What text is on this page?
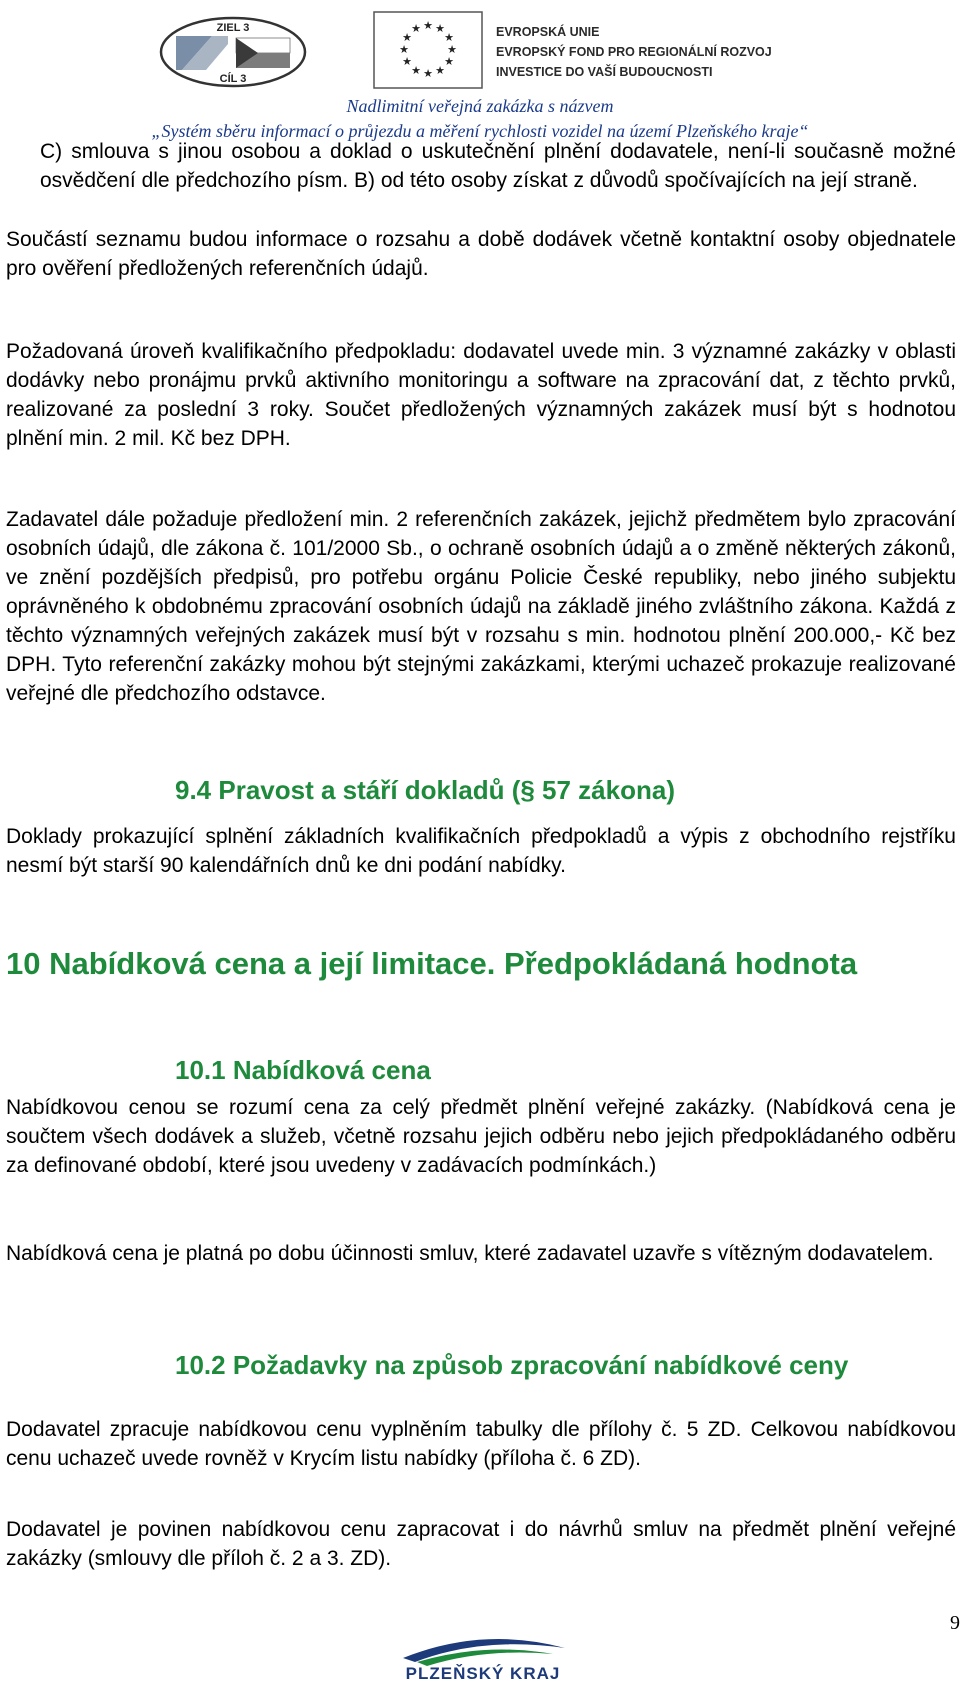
ZIEL 3
CÍL 3
★ ★
★
★
★
★
★
★
★
★
★
★	EVROPSKÁ UNIE
EVROPSKÝ FOND PRO REGIONÁLNÍ ROZVOJ
INVESTICE DO VAŠÍ BUDOUCNOSTI
Nadlimitní veřejná zakázka s názvem
„Systém sběru informací o průjezdu a měření rychlosti vozidel na území Plzeňského kraje“

C) smlouva s jinou osobou a doklad o uskutečnění plnění dodavatele, není-li současně možné osvědčení dle předchozího písm. B) od této osoby získat z důvodů spočívajících na její straně.

Součástí seznamu budou informace o rozsahu a době dodávek včetně kontaktní osoby objednatele pro ověření předložených referenčních údajů.

Požadovaná úroveň kvalifikačního předpokladu: dodavatel uvede min. 3 významné zakázky v oblasti dodávky nebo pronájmu prvků aktivního monitoringu a software na zpracování dat, z těchto prvků, realizované za poslední 3 roky. Součet předložených významných zakázek musí být s hodnotou plnění min. 2 mil. Kč bez DPH.

Zadavatel dále požaduje předložení min. 2 referenčních zakázek, jejichž předmětem bylo zpracování osobních údajů, dle zákona č. 101/2000 Sb., o ochraně osobních údajů a o změně některých zákonů, ve znění pozdějších předpisů, pro potřebu orgánu Policie České republiky, nebo jiného subjektu oprávněného k obdobnému zpracování osobních údajů na základě jiného zvláštního zákona. Každá z těchto významných veřejných zakázek musí být v rozsahu s min. hodnotou plnění 200.000,- Kč bez DPH. Tyto referenční zakázky mohou být stejnými zakázkami, kterými uchazeč prokazuje realizované veřejné dle předchozího odstavce.

9.4 Pravost a stáří dokladů (§ 57 zákona)

Doklady prokazující splnění základních kvalifikačních předpokladů a výpis z obchodního rejstříku nesmí být starší 90 kalendářních dnů ke dni podání nabídky.

10 Nabídková cena a její limitace. Předpokládaná hodnota
10.1 Nabídková cena

Nabídkovou cenou se rozumí cena za celý předmět plnění veřejné zakázky. (Nabídková cena je součtem všech dodávek a služeb, včetně rozsahu jejich odběru nebo jejich předpokládaného odběru za definované období, které jsou uvedeny v zadávacích podmínkách.)

Nabídková cena je platná po dobu účinnosti smluv, které zadavatel uzavře s vítězným dodavatelem.

10.2 Požadavky na způsob zpracování nabídkové ceny

Dodavatel zpracuje nabídkovou cenu vyplněním tabulky dle přílohy č. 5 ZD. Celkovou nabídkovou cenu uchazeč uvede rovněž v Krycím listu nabídky (příloha č. 6 ZD).

Dodavatel je povinen nabídkovou cenu zapracovat i do návrhů smluv na předmět plnění veřejné zakázky (smlouvy dle příloh č. 2 a 3. ZD).

9
PLZEŇSKÝ KRAJ
